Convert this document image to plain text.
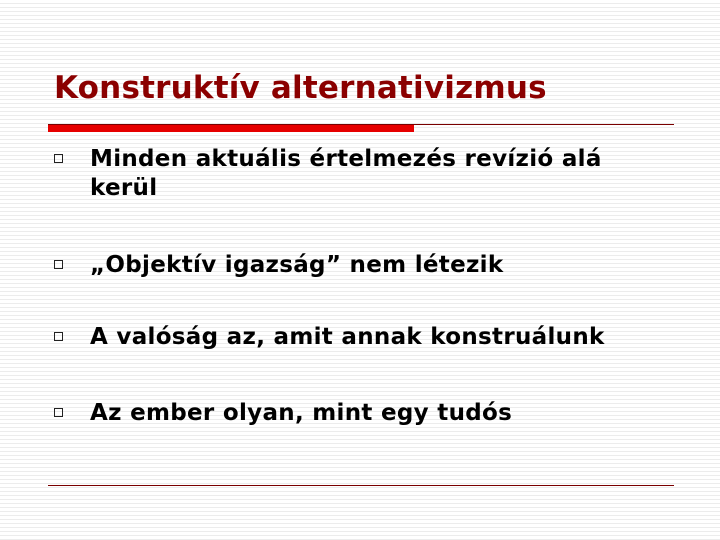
Konstruktív alternativizmus
Minden aktuális értelmezés revízió alá kerül
„Objektív igazság” nem létezik
A valóság az, amit annak konstruálunk
Az ember olyan, mint egy tudós
